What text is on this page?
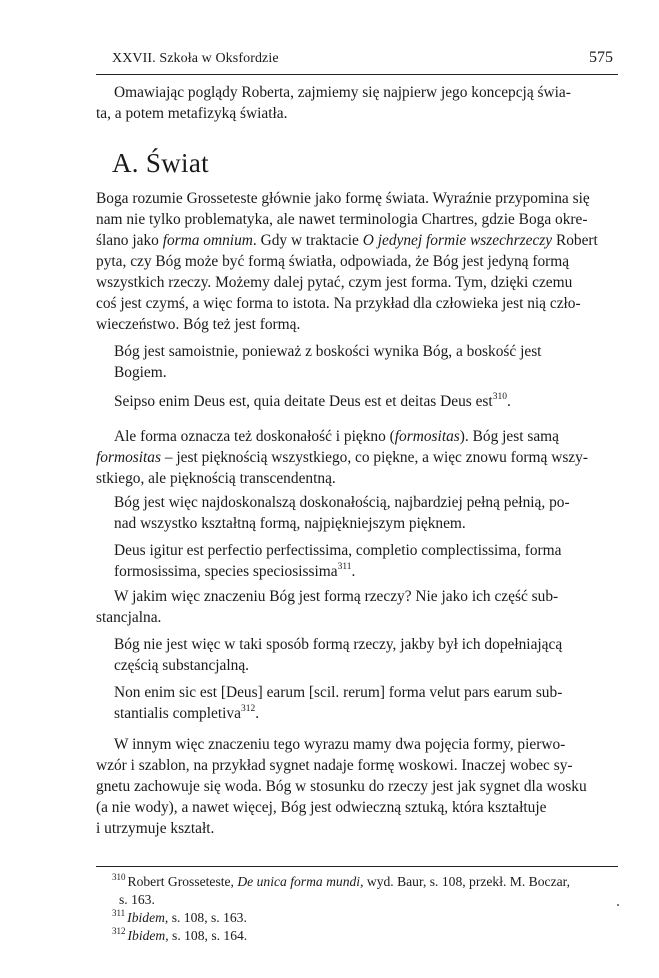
XXVII. Szkoła w Oksfordzie	575
Omawiając poglądy Roberta, zajmiemy się najpierw jego koncepcją świa-
ta, a potem metafizyką światła.
A. Świat
Boga rozumie Grosseteste głównie jako formę świata. Wyraźnie przypomina się
nam nie tylko problematyka, ale nawet terminologia Chartres, gdzie Boga okre-
ślano jako forma omnium. Gdy w traktacie O jedynej formie wszechrzeczy Robert
pyta, czy Bóg może być formą światła, odpowiada, że Bóg jest jedyną formą
wszystkich rzeczy. Możemy dalej pytać, czym jest forma. Tym, dzięki czemu
coś jest czymś, a więc forma to istota. Na przykład dla człowieka jest nią czło-
wieczeństwo. Bóg też jest formą.
Bóg jest samoistnie, ponieważ z boskości wynika Bóg, a boskość jest
Bogiem.
Seipso enim Deus est, quia deitate Deus est et deitas Deus est$^{310}$.
Ale forma oznacza też doskonałość i piękno (formositas). Bóg jest samą
formositas – jest pięknością wszystkiego, co piękne, a więc znowu formą wszy-
stkiego, ale pięknością transcendentną.
Bóg jest więc najdoskonalszą doskonałością, najbardziej pełną pełnią, po-
nad wszystko kształtną formą, najpiękniejszym pięknem.
Deus igitur est perfectio perfectissima, completio complectissima, forma
formosissima, species speciosissima$^{311}$.
W jakim więc znaczeniu Bóg jest formą rzeczy? Nie jako ich część sub-
stancjalna.
Bóg nie jest więc w taki sposób formą rzeczy, jakby był ich dopełniającą
częścią substancjalną.
Non enim sic est [Deus] earum [scil. rerum] forma velut pars earum sub-
stantialis completiva$^{312}$.
W innym więc znaczeniu tego wyrazu mamy dwa pojęcia formy, pierwo-
wzór i szablon, na przykład sygnet nadaje formę woskowi. Inaczej wobec sy-
gnetu zachowuje się woda. Bóg w stosunku do rzeczy jest jak sygnet dla wosku
(a nie wody), a nawet więcej, Bóg jest odwieczną sztuką, która kształtuje
i utrzymuje kształt.
$^{310}$ Robert Grosseteste, De unica forma mundi, wyd. Baur, s. 108, przekł. M. Boczar,
s. 163.
$^{311}$ Ibidem, s. 108, s. 163.
$^{312}$ Ibidem, s. 108, s. 164.
